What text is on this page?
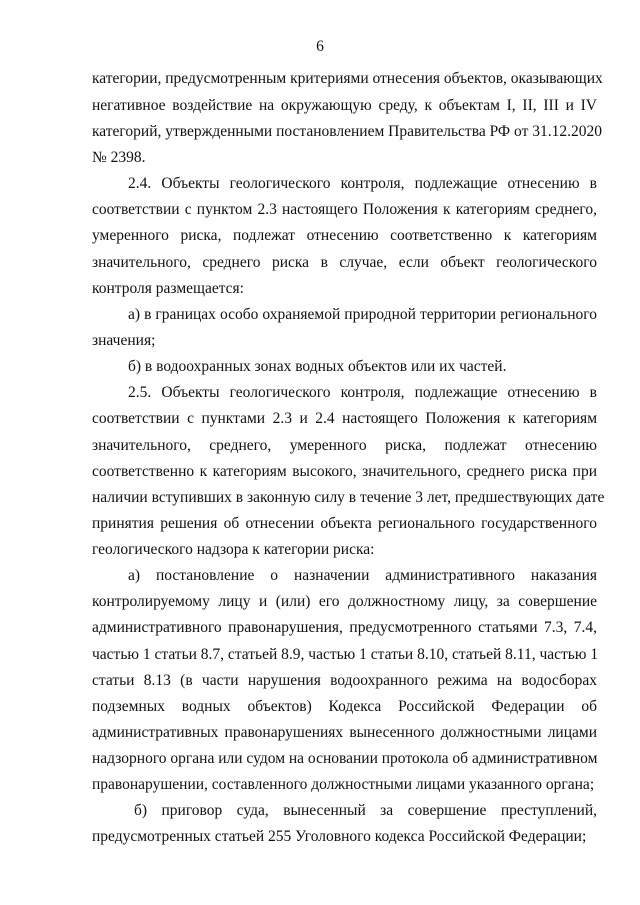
6
категории, предусмотренным критериями отнесения объектов, оказывающих
негативное воздействие на окружающую среду, к объектам I, II, III и IV
категорий, утвержденными постановлением Правительства РФ от 31.12.2020
№ 2398.
2.4. Объекты геологического контроля, подлежащие отнесению в
соответствии с пунктом 2.3 настоящего Положения к категориям среднего,
умеренного риска, подлежат отнесению соответственно к категориям
значительного, среднего риска в случае, если объект геологического
контроля размещается:
а) в границах особо охраняемой природной территории регионального
значения;
б) в водоохранных зонах водных объектов или их частей.
2.5. Объекты геологического контроля, подлежащие отнесению в
соответствии с пунктами 2.3 и 2.4 настоящего Положения к категориям
значительного, среднего, умеренного риска, подлежат отнесению
соответственно к категориям высокого, значительного, среднего риска при
наличии вступивших в законную силу в течение 3 лет, предшествующих дате
принятия решения об отнесении объекта регионального государственного
геологического надзора к категории риска:
а) постановление о назначении административного наказания
контролируемому лицу и (или) его должностному лицу, за совершение
административного правонарушения, предусмотренного статьями 7.3, 7.4,
частью 1 статьи 8.7, статьей 8.9, частью 1 статьи 8.10, статьей 8.11, частью 1
статьи 8.13 (в части нарушения водоохранного режима на водосборах
подземных водных объектов) Кодекса Российской Федерации об
административных правонарушениях вынесенного должностными лицами
надзорного органа или судом на основании протокола об административном
правонарушении, составленного должностными лицами указанного органа;
б) приговор суда, вынесенный за совершение преступлений,
предусмотренных статьей 255 Уголовного кодекса Российской Федерации;
